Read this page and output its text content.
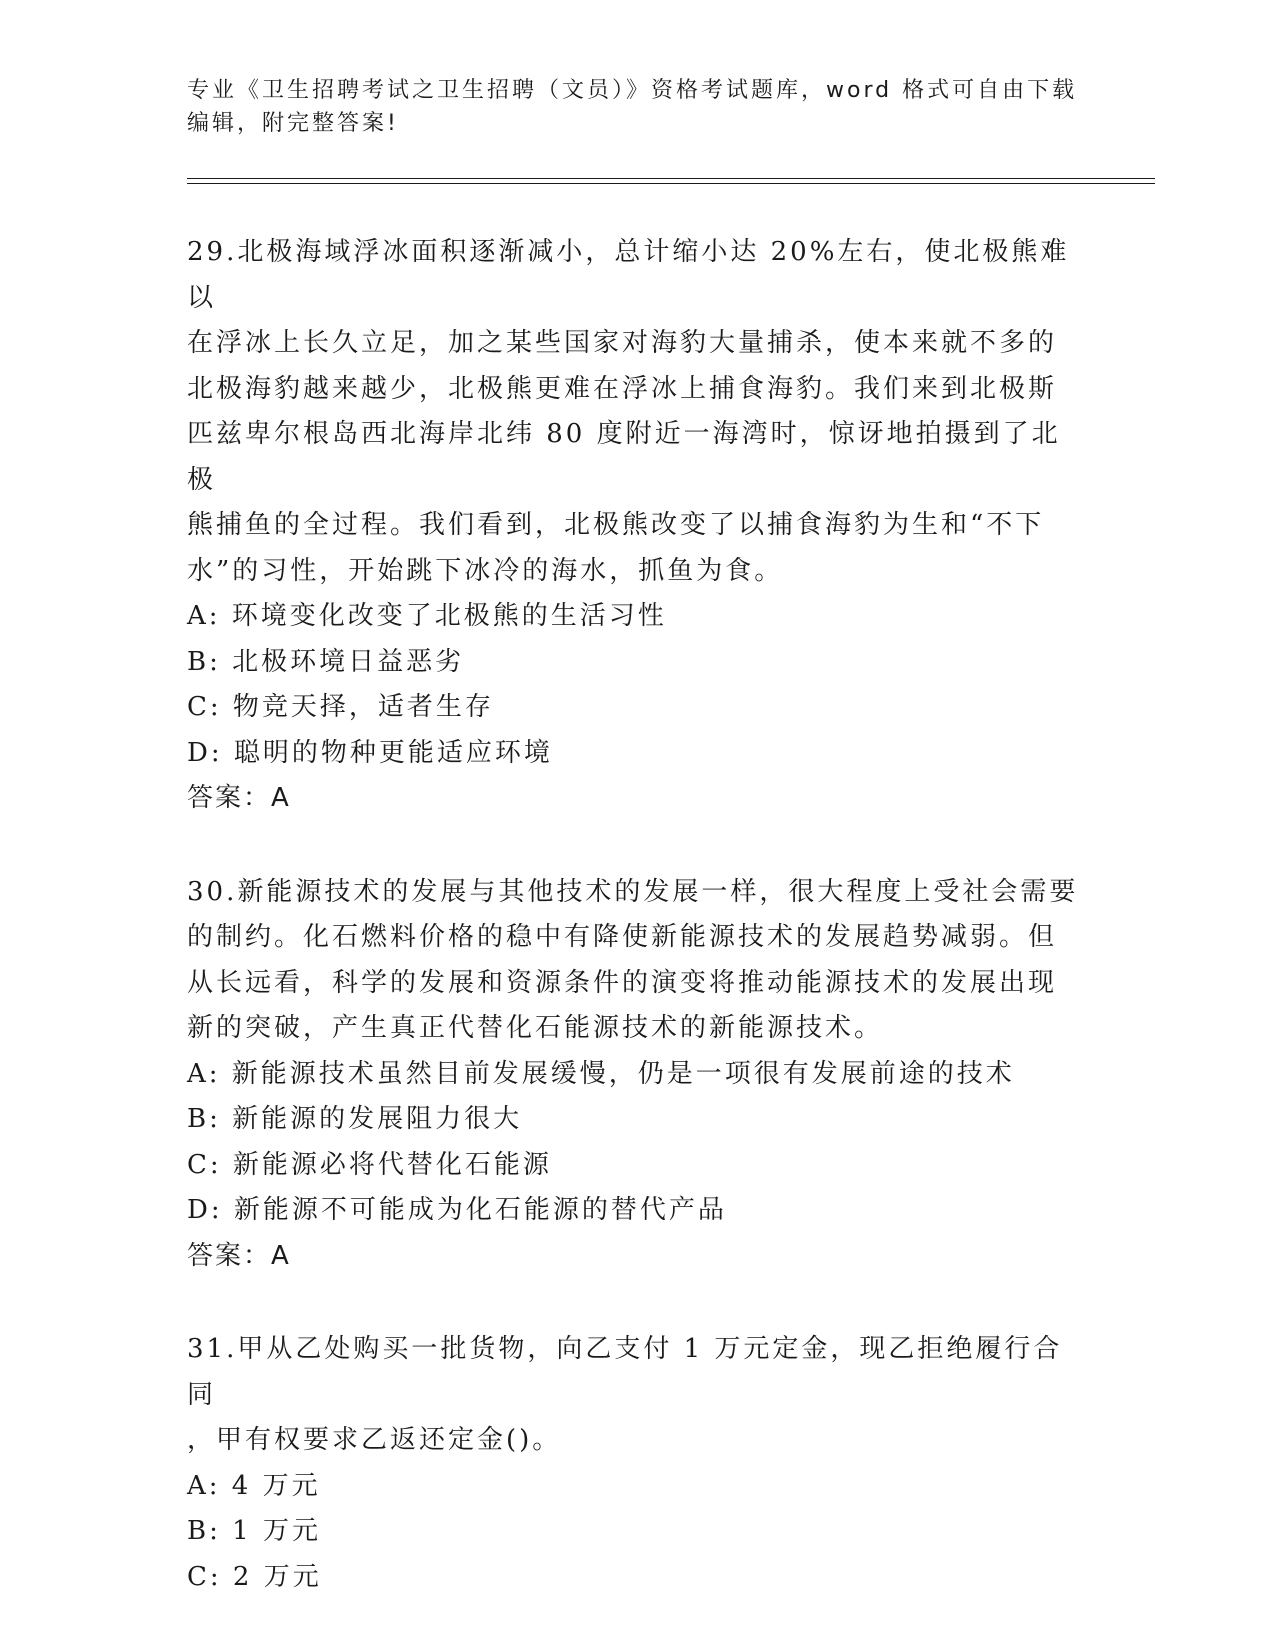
专业《卫生招聘考试之卫生招聘（文员）》资格考试题库，word 格式可自由下载
编辑，附完整答案!

29.北极海域浮冰面积逐渐减小，总计缩小达 20%左右，使北极熊难以

在浮冰上长久立足，加之某些国家对海豹大量捕杀，使本来就不多的

北极海豹越来越少，北极熊更难在浮冰上捕食海豹。我们来到北极斯

匹兹卑尔根岛西北海岸北纬 80 度附近一海湾时，惊讶地拍摄到了北极

熊捕鱼的全过程。我们看到，北极熊改变了以捕食海豹为生和“不下

水”的习性，开始跳下冰冷的海水，抓鱼为食。

A: 环境变化改变了北极熊的生活习性

B: 北极环境日益恶劣

C: 物竞天择，适者生存

D: 聪明的物种更能适应环境

答案：A

30.新能源技术的发展与其他技术的发展一样，很大程度上受社会需要

的制约。化石燃料价格的稳中有降使新能源技术的发展趋势减弱。但

从长远看，科学的发展和资源条件的演变将推动能源技术的发展出现

新的突破，产生真正代替化石能源技术的新能源技术。

A: 新能源技术虽然目前发展缓慢，仍是一项很有发展前途的技术

B: 新能源的发展阻力很大

C: 新能源必将代替化石能源

D: 新能源不可能成为化石能源的替代产品

答案：A

31.甲从乙处购买一批货物，向乙支付 1 万元定金，现乙拒绝履行合同

，甲有权要求乙返还定金()。

A: 4 万元

B: 1 万元

C: 2 万元
